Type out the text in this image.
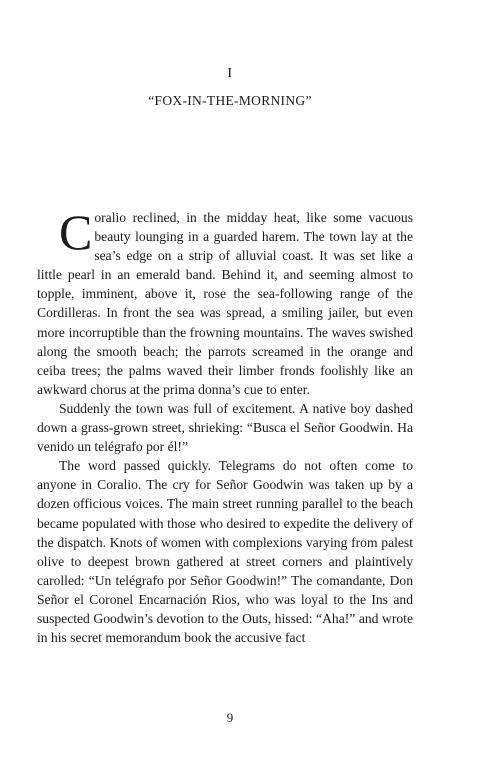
I
“FOX-IN-THE-MORNING”

Coralio reclined, in the midday heat, like some vacuous beauty lounging in a guarded harem. The town lay at the sea’s edge on a strip of alluvial coast. It was set like a little pearl in an emerald band. Behind it, and seeming almost to topple, imminent, above it, rose the sea-following range of the Cordilleras. In front the sea was spread, a smiling jailer, but even more incorruptible than the frowning mountains. The waves swished along the smooth beach; the parrots screamed in the orange and ceiba trees; the palms waved their limber fronds foolishly like an awkward chorus at the prima donna’s cue to enter.

Suddenly the town was full of excitement. A native boy dashed down a grass-grown street, shrieking: “Busca el Señor Goodwin. Ha venido un telégrafo por él!”

The word passed quickly. Telegrams do not often come to anyone in Coralio. The cry for Señor Goodwin was taken up by a dozen officious voices. The main street running parallel to the beach became populated with those who desired to expedite the delivery of the dispatch. Knots of women with complexions varying from palest olive to deepest brown gathered at street corners and plaintively carolled: “Un telégrafo por Señor Goodwin!” The comandante, Don Señor el Coronel Encarnación Rios, who was loyal to the Ins and suspected Goodwin’s devotion to the Outs, hissed: “Aha!” and wrote in his secret memorandum book the accusive fact

9
